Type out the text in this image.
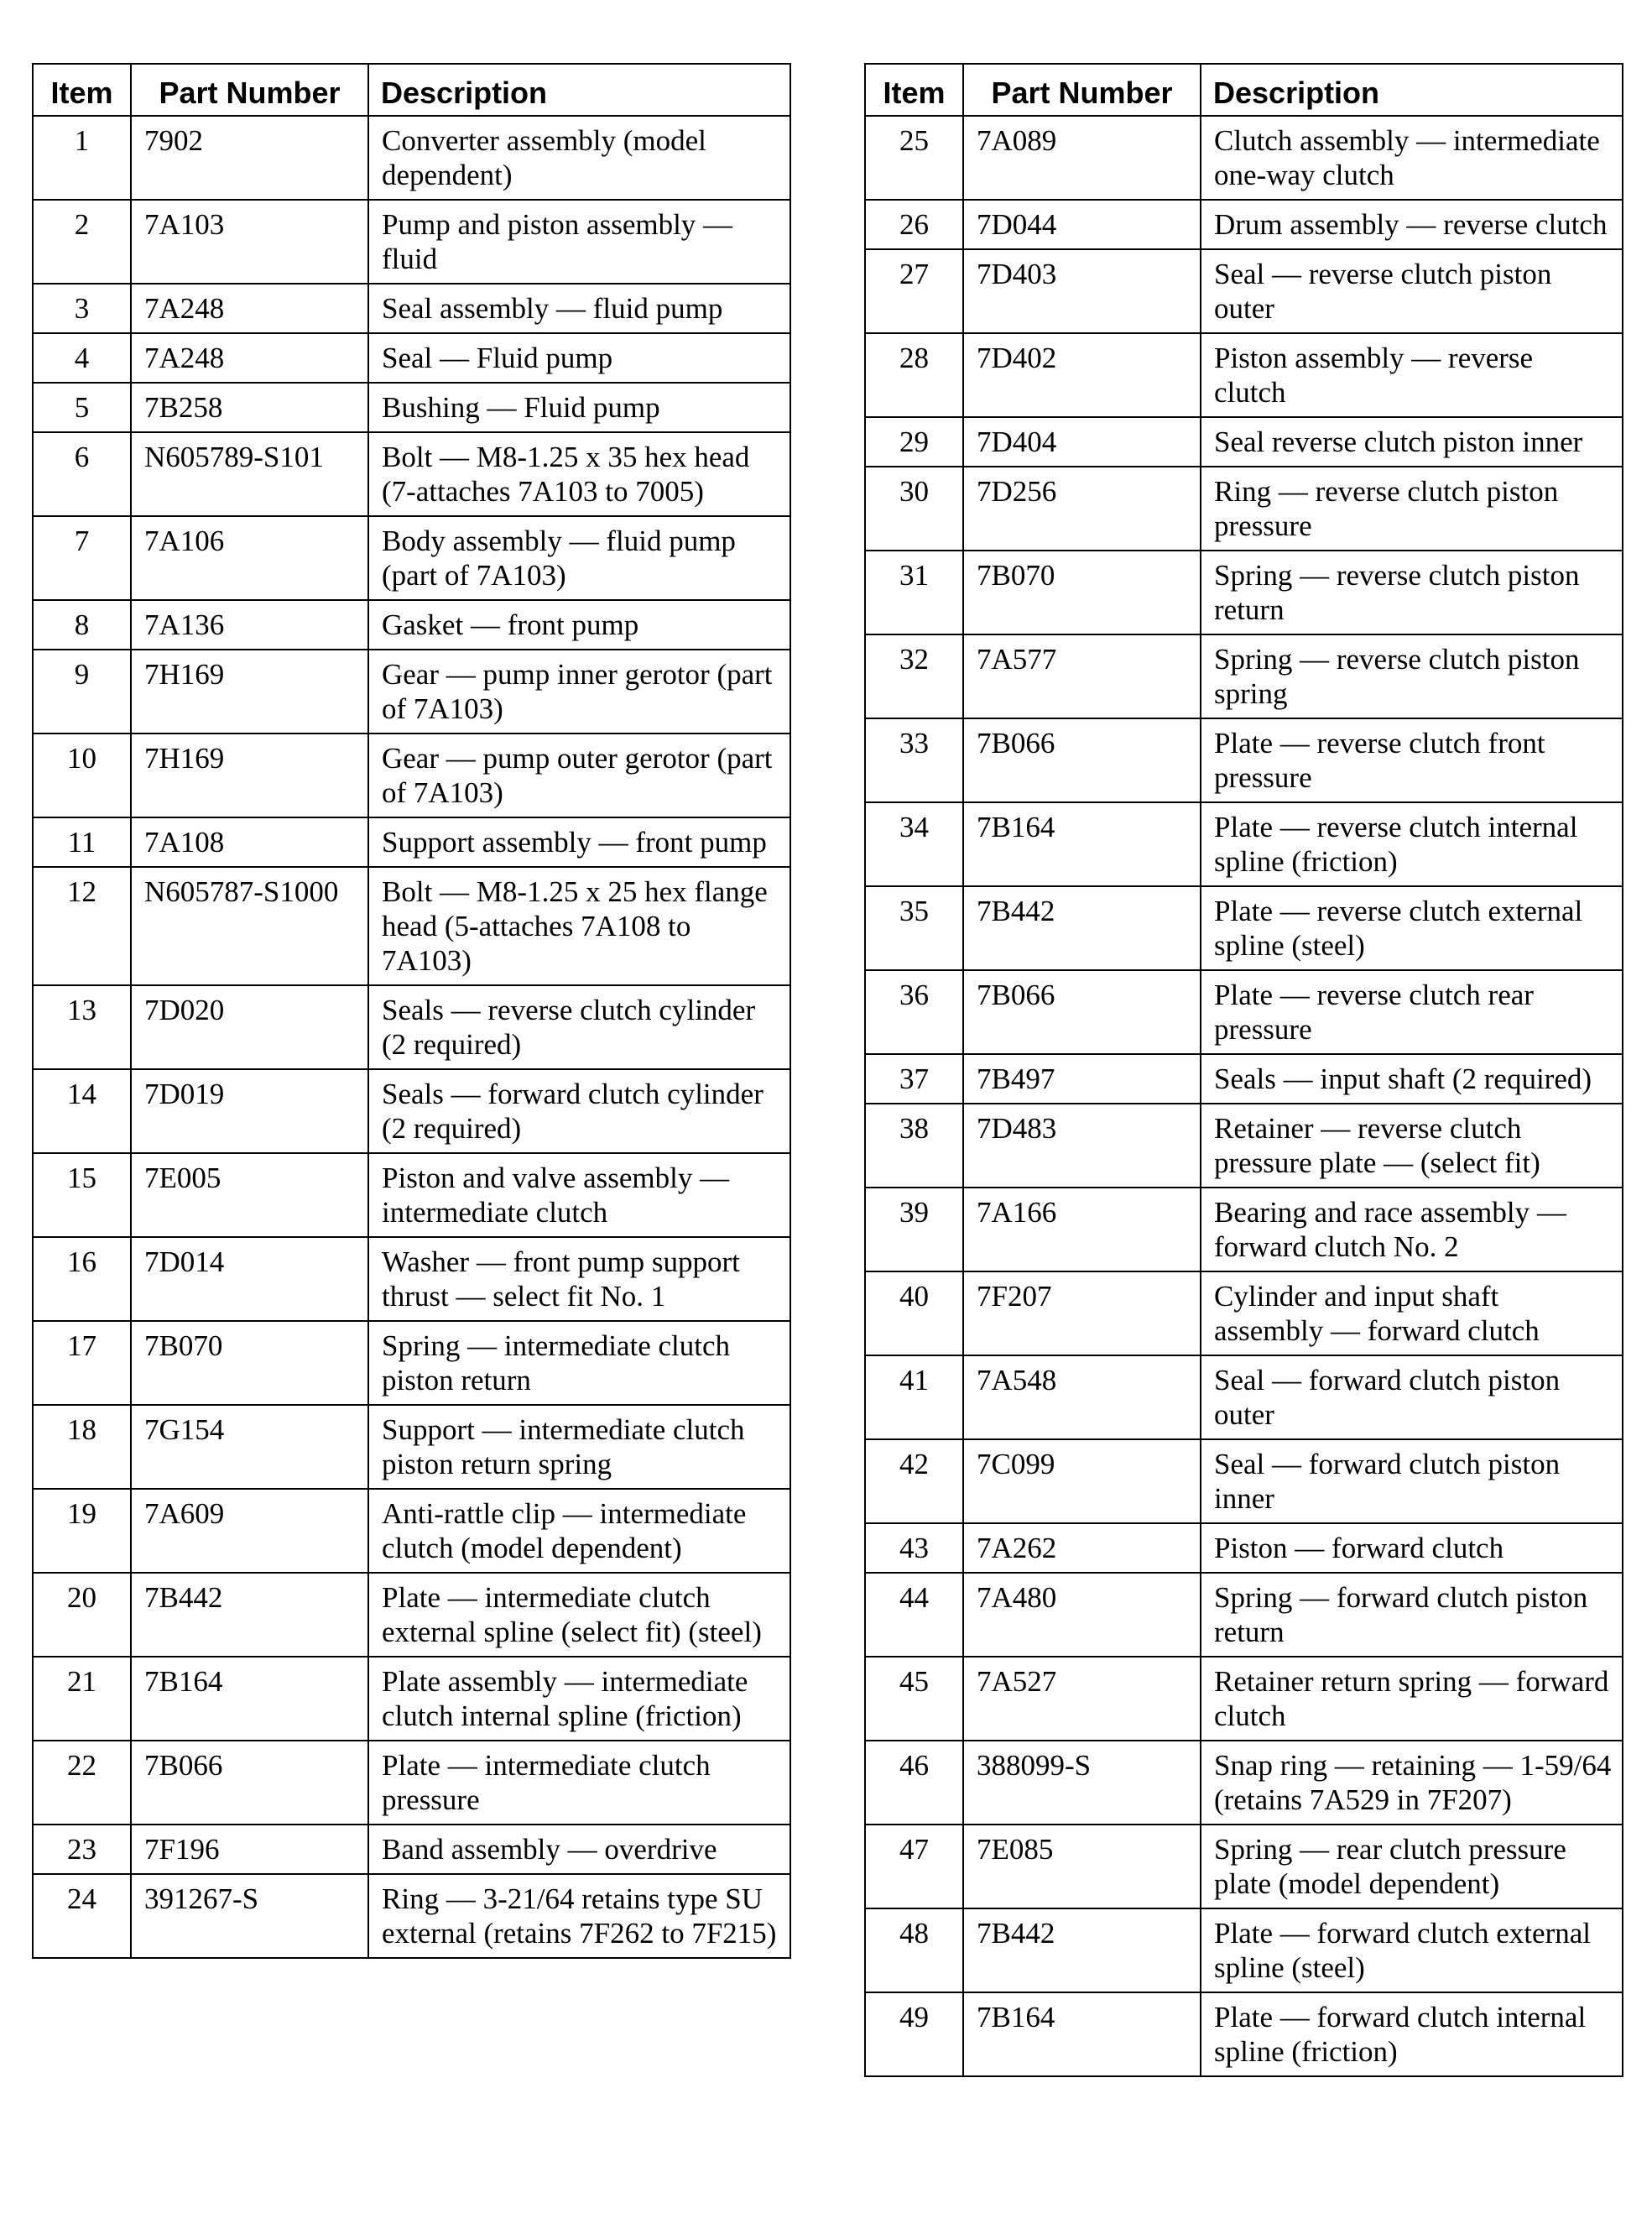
Item	Part Number	Description
1	7902	Converter assembly (model dependent)
2	7A103	Pump and piston assembly — fluid
3	7A248	Seal assembly — fluid pump
4	7A248	Seal — Fluid pump
5	7B258	Bushing — Fluid pump
6	N605789-S101	Bolt — M8-1.25 x 35 hex head (7-attaches 7A103 to 7005)
7	7A106	Body assembly — fluid pump (part of 7A103)
8	7A136	Gasket — front pump
9	7H169	Gear — pump inner gerotor (part of 7A103)
10	7H169	Gear — pump outer gerotor (part of 7A103)
11	7A108	Support assembly — front pump
12	N605787-S1000	Bolt — M8-1.25 x 25 hex flange head (5-attaches 7A108 to 7A103)
13	7D020	Seals — reverse clutch cylinder (2 required)
14	7D019	Seals — forward clutch cylinder (2 required)
15	7E005	Piston and valve assembly — intermediate clutch
16	7D014	Washer — front pump support thrust — select fit No. 1
17	7B070	Spring — intermediate clutch piston return
18	7G154	Support — intermediate clutch piston return spring
19	7A609	Anti-rattle clip — intermediate clutch (model dependent)
20	7B442	Plate — intermediate clutch external spline (select fit) (steel)
21	7B164	Plate assembly — intermediate clutch internal spline (friction)
22	7B066	Plate — intermediate clutch pressure
23	7F196	Band assembly — overdrive
24	391267-S	Ring — 3-21/64 retains type SU external (retains 7F262 to 7F215)
Item	Part Number	Description
25	7A089	Clutch assembly — intermediate one-way clutch
26	7D044	Drum assembly — reverse clutch
27	7D403	Seal — reverse clutch piston outer
28	7D402	Piston assembly — reverse clutch
29	7D404	Seal reverse clutch piston inner
30	7D256	Ring — reverse clutch piston pressure
31	7B070	Spring — reverse clutch piston return
32	7A577	Spring — reverse clutch piston spring
33	7B066	Plate — reverse clutch front pressure
34	7B164	Plate — reverse clutch internal spline (friction)
35	7B442	Plate — reverse clutch external spline (steel)
36	7B066	Plate — reverse clutch rear pressure
37	7B497	Seals — input shaft (2 required)
38	7D483	Retainer — reverse clutch pressure plate — (select fit)
39	7A166	Bearing and race assembly — forward clutch No. 2
40	7F207	Cylinder and input shaft assembly — forward clutch
41	7A548	Seal — forward clutch piston outer
42	7C099	Seal — forward clutch piston inner
43	7A262	Piston — forward clutch
44	7A480	Spring — forward clutch piston return
45	7A527	Retainer return spring — forward clutch
46	388099-S	Snap ring — retaining — 1-59/64 (retains 7A529 in 7F207)
47	7E085	Spring — rear clutch pressure plate (model dependent)
48	7B442	Plate — forward clutch external spline (steel)
49	7B164	Plate — forward clutch internal spline (friction)
